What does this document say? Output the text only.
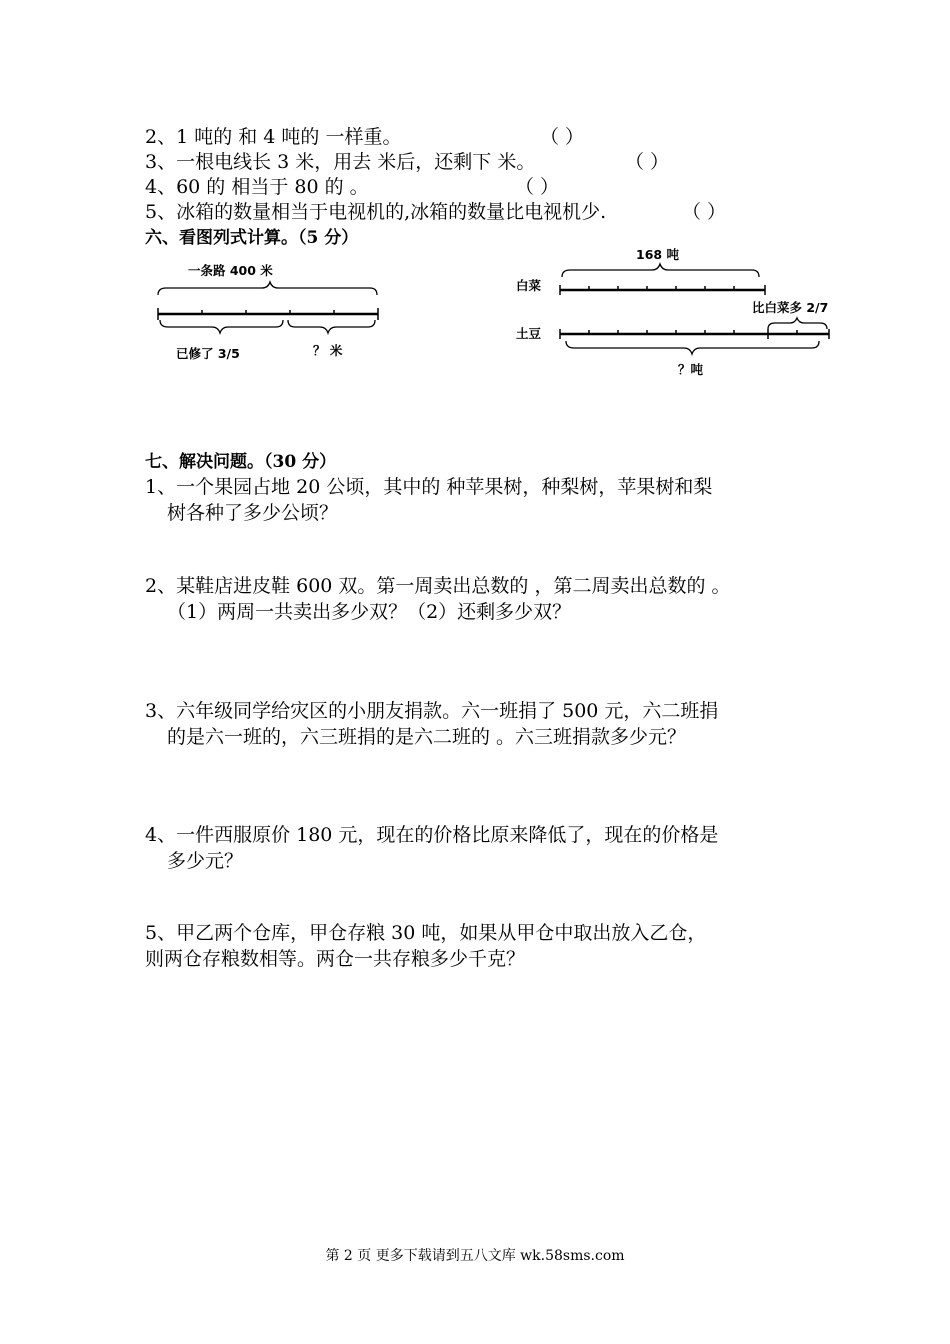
2、1 吨的 和 4 吨的 一样重。	（ ）
3、一根电线长 3 米，用去 米后，还剩下 米。	（ ）
4、60 的 相当于 80 的 。	（ ）
5、冰箱的数量相当于电视机的,冰箱的数量比电视机少.	（ ）
六、看图列式计算。（5 分）
一条路 400 米
已修了 3/5	？ 米
168 吨
白菜
比白菜多 2/7
土豆
？吨
七、解决问题。（30 分）
1、一个果园占地 20 公顷，其中的 种苹果树，种梨树，苹果树和梨
树各种了多少公顷？
2、某鞋店进皮鞋 600 双。第一周卖出总数的 ，第二周卖出总数的 。
（1）两周一共卖出多少双？（2）还剩多少双？
3、六年级同学给灾区的小朋友捐款。六一班捐了 500 元，六二班捐
的是六一班的，六三班捐的是六二班的 。六三班捐款多少元？
4、一件西服原价 180 元，现在的价格比原来降低了，现在的价格是
多少元？
5、甲乙两个仓库，甲仓存粮 30 吨，如果从甲仓中取出放入乙仓，
则两仓存粮数相等。两仓一共存粮多少千克？
第 2 页 更多下载请到五八文库 wk.58sms.com
